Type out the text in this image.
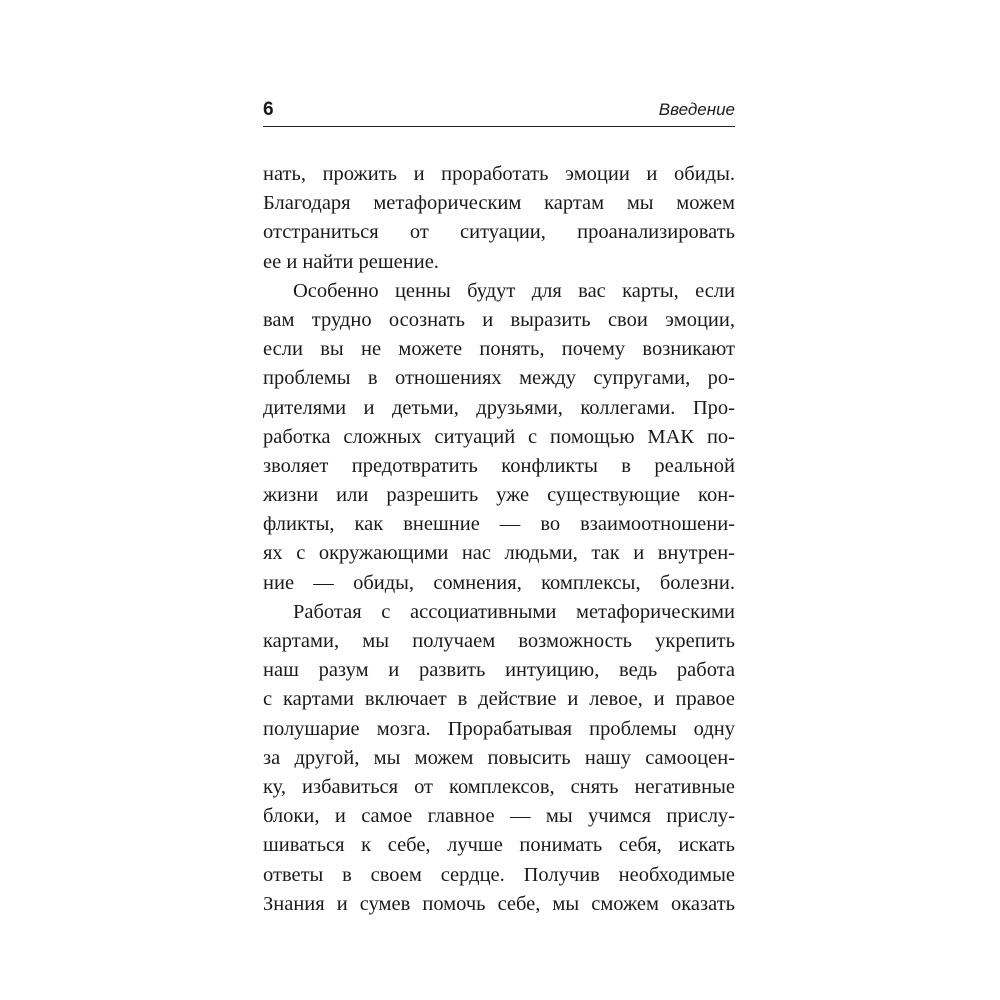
6	Введение
нать, прожить и проработать эмоции и обиды.
Благодаря метафорическим картам мы можем
отстраниться от ситуации, проанализировать
ее и найти решение.
Особенно ценны будут для вас карты, если
вам трудно осознать и выразить свои эмоции,
если вы не можете понять, почему возникают
проблемы в отношениях между супругами, ро-
дителями и детьми, друзьями, коллегами. Про-
работка сложных ситуаций с помощью МАК по-
зволяет предотвратить конфликты в реальной
жизни или разрешить уже существующие кон-
фликты, как внешние — во взаимоотношени-
ях с окружающими нас людьми, так и внутрен-
ние — обиды, сомнения, комплексы, болезни.
Работая с ассоциативными метафорическими
картами, мы получаем возможность укрепить
наш разум и развить интуицию, ведь работа
с картами включает в действие и левое, и правое
полушарие мозга. Прорабатывая проблемы одну
за другой, мы можем повысить нашу самооцен-
ку, избавиться от комплексов, снять негативные
блоки, и самое главное — мы учимся прислу-
шиваться к себе, лучше понимать себя, искать
ответы в своем сердце. Получив необходимые
Знания и сумев помочь себе, мы сможем оказать
